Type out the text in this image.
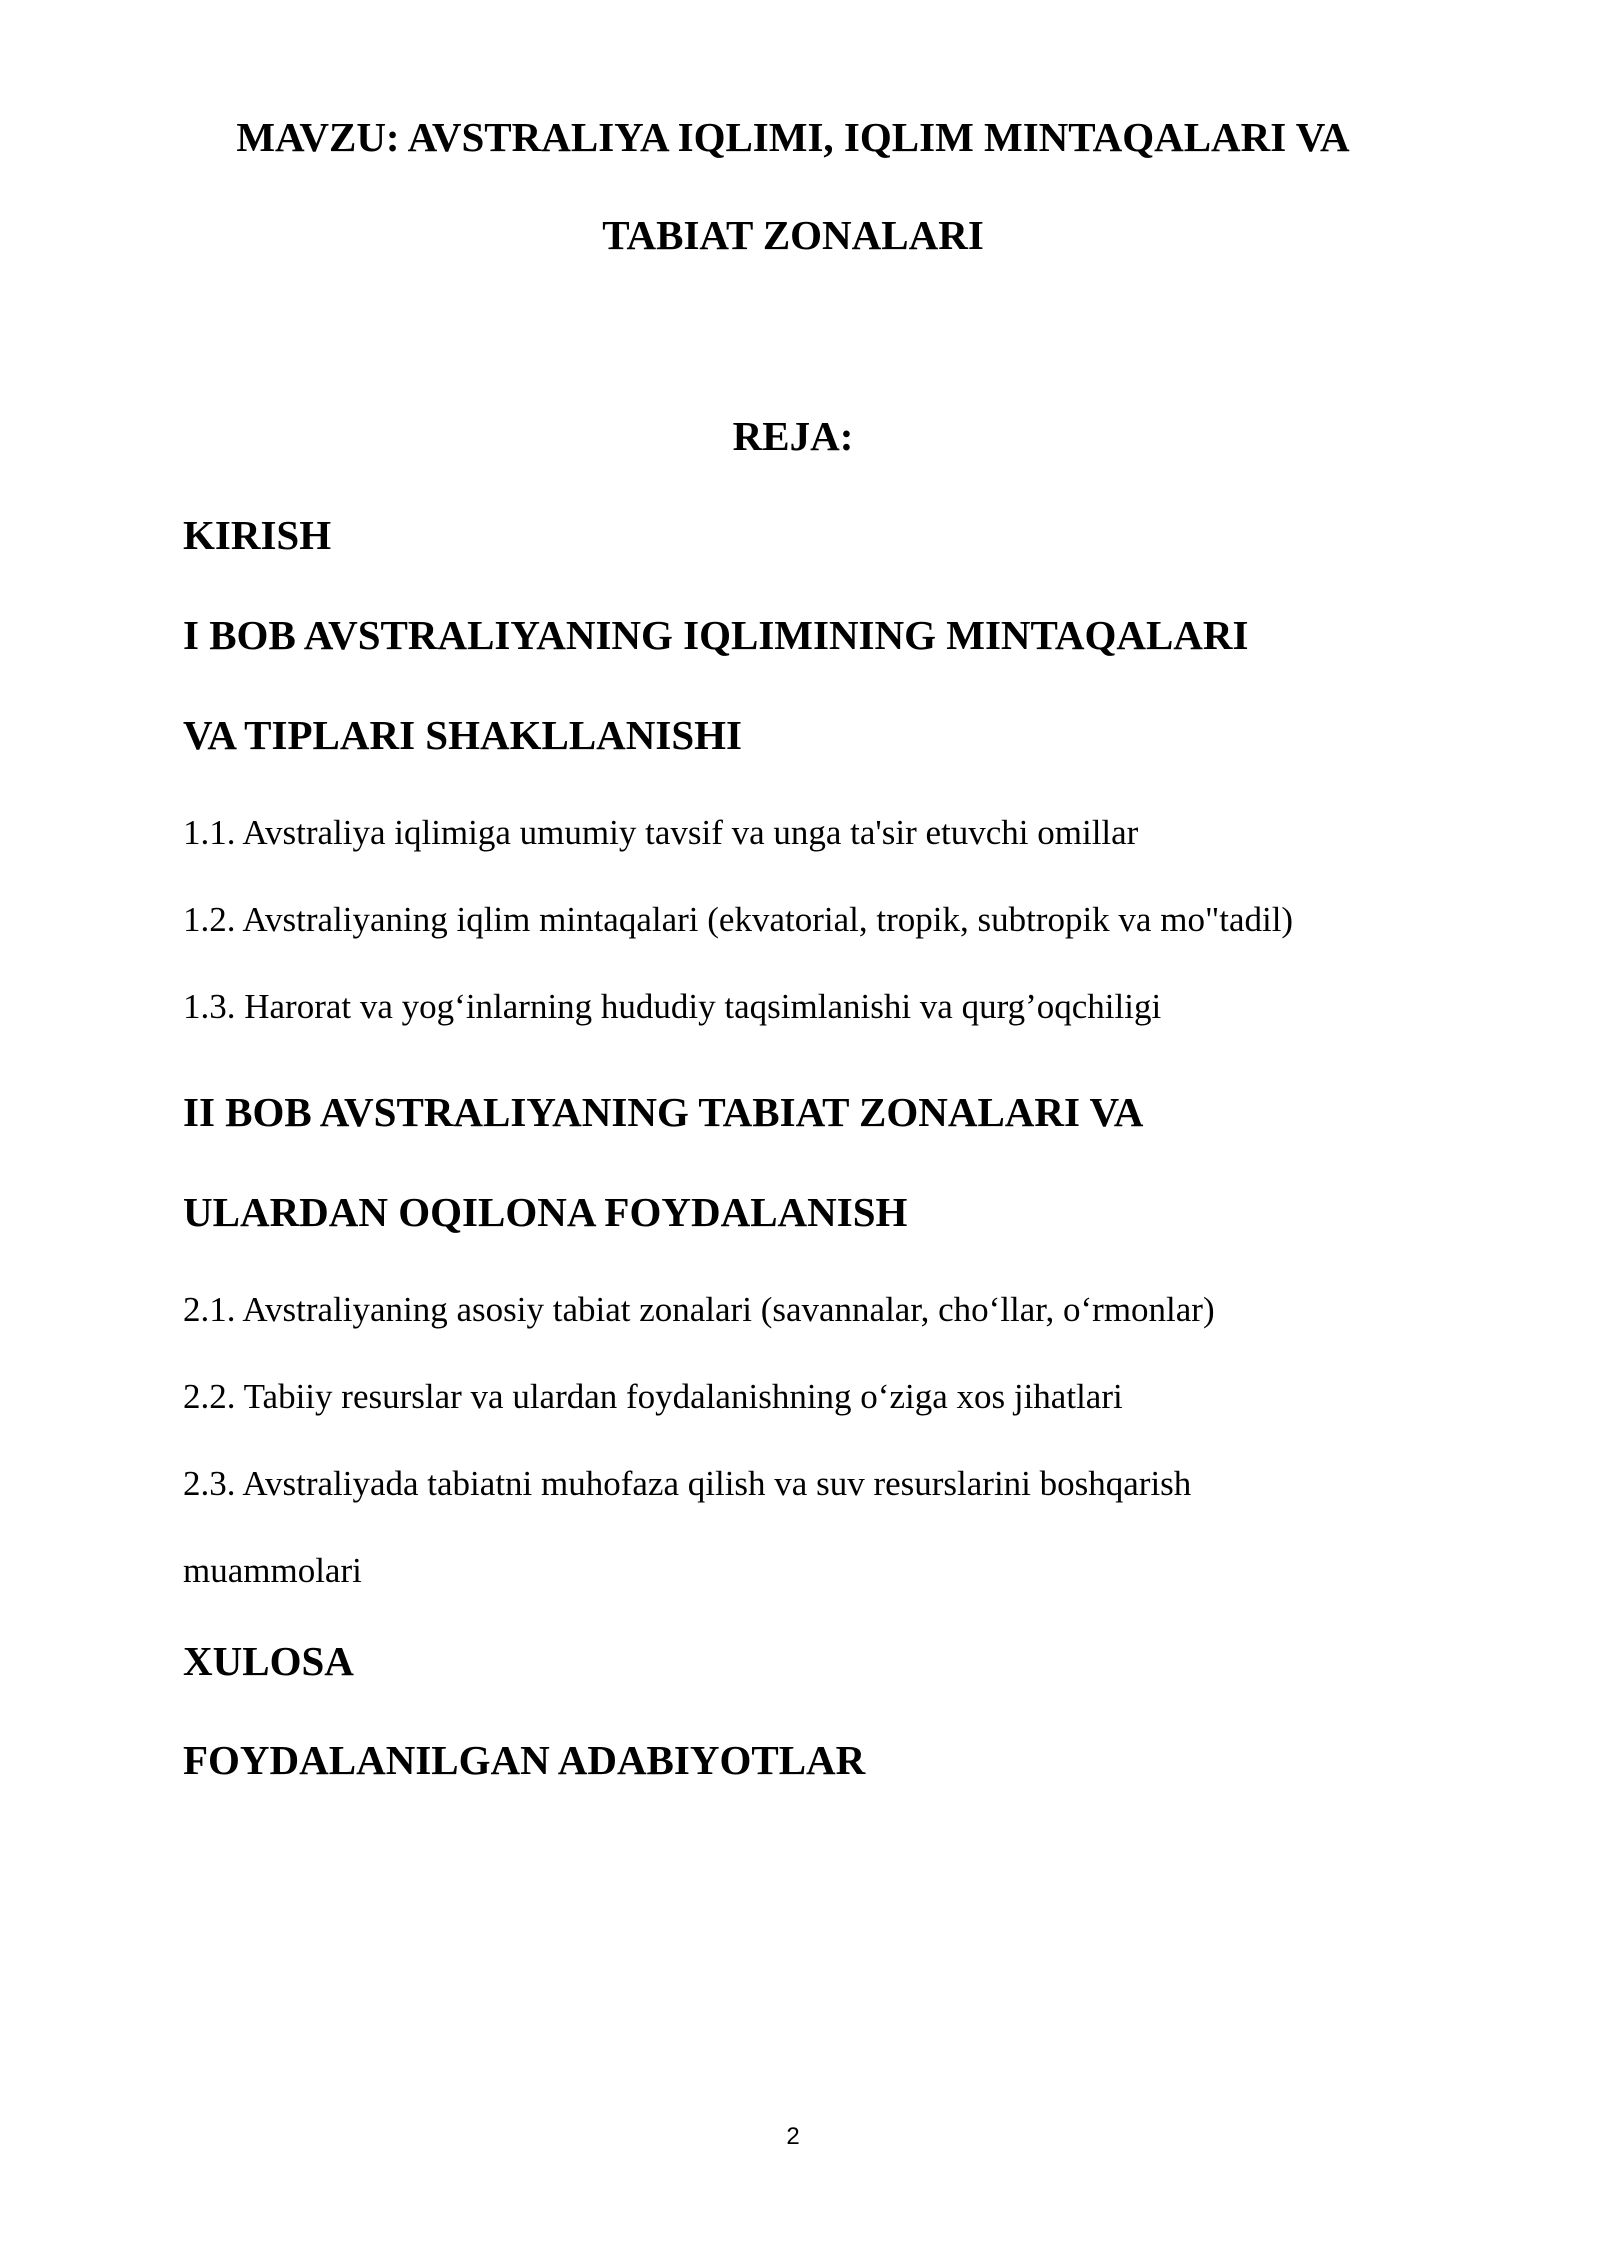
MAVZU: AVSTRALIYA IQLIMI, IQLIM MINTAQALARI VA
TABIAT ZONALARI
REJA:
KIRISH
I BOB AVSTRALIYANING IQLIMINING MINTAQALARI
VA TIPLARI SHAKLLANISHI
1.1. Avstraliya iqlimiga umumiy tavsif va unga ta'sir etuvchi omillar
1.2. Avstraliyaning iqlim mintaqalari (ekvatorial, tropik, subtropik va mo"tadil)
1.3. Harorat va yog‘inlarning hududiy taqsimlanishi va qurg’oqchiligi
II BOB AVSTRALIYANING TABIAT ZONALARI VA
ULARDAN OQILONA FOYDALANISH
2.1. Avstraliyaning asosiy tabiat zonalari (savannalar, cho‘llar, o‘rmonlar)
2.2. Tabiiy resurslar va ulardan foydalanishning o‘ziga xos jihatlari
2.3. Avstraliyada tabiatni muhofaza qilish va suv resurslarini boshqarish
muammolari
XULOSA
FOYDALANILGAN ADABIYOTLAR
2
